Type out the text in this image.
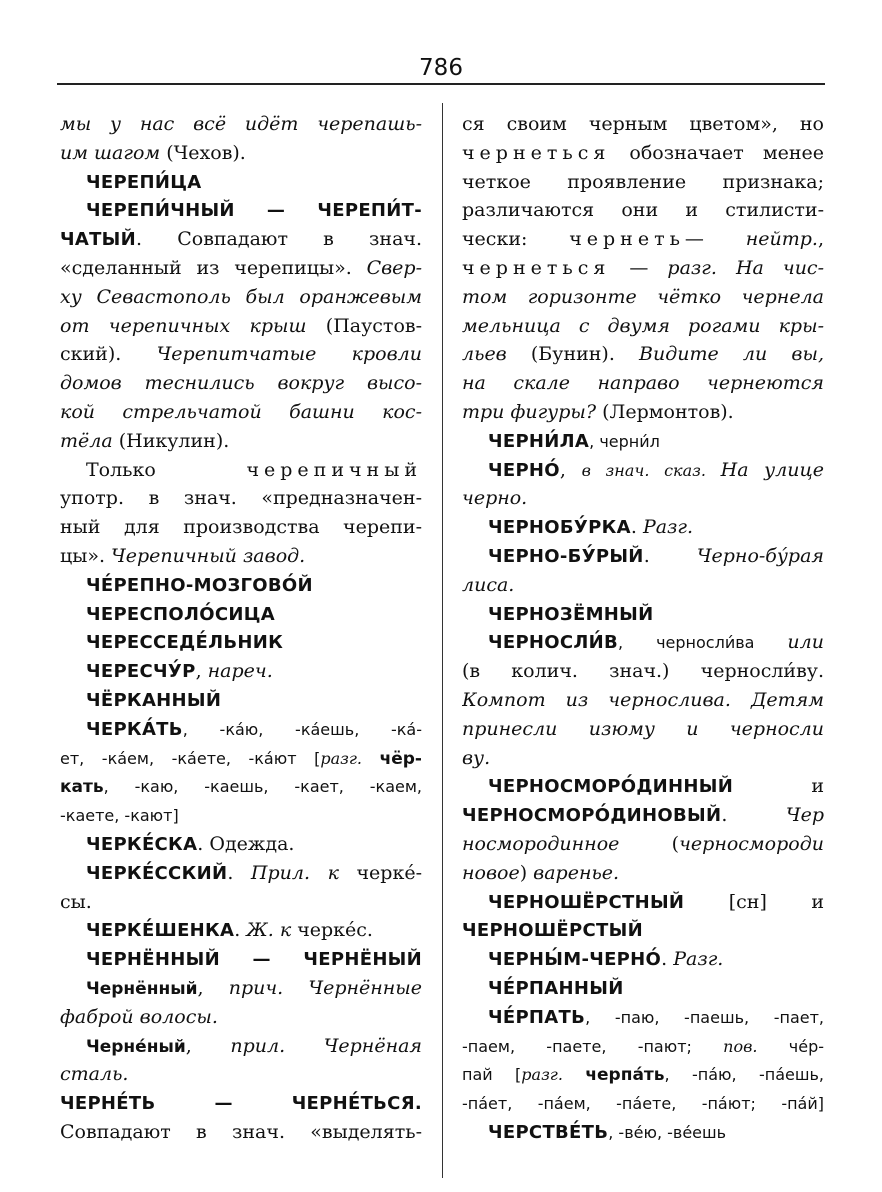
786
мы у нас всё идёт черепашь-
им шагом (Чехов).
ЧЕРЕПИ́ЦА
ЧЕРЕПИ́ЧНЫЙ — ЧЕРЕПИ́Т-
ЧАТЫЙ. Совпадают в знач.
«сделанный из черепицы». Свер-
ху Севастополь был оранжевым
от черепичных крыш (Паустов-
ский). Черепитчатые кровли
домов теснились вокруг высо-
кой стрельчатой башни кос-
тёла (Никулин).
Только черепичный
употр. в знач. «предназначен-
ный для производства черепи-
цы». Черепичный завод.
ЧЕ́РЕПНО-МОЗГОВО́Й
ЧЕРЕСПОЛО́СИЦА
ЧЕРЕССЕДЕ́ЛЬНИК
ЧЕРЕСЧУ́Р, нареч.
ЧЁРКАННЫЙ
ЧЕРКА́ТЬ, -ка́ю, -ка́ешь, -ка́-
ет, -ка́ем, -ка́ете, -ка́ют [разг. чёр-
кать, -каю, -каешь, -кает, -каем,
-каете, -кают]
ЧЕРКЕ́СКА. Одежда.
ЧЕРКЕ́ССКИЙ. Прил. к черке́-
сы.
ЧЕРКЕ́ШЕНКА. Ж. к черке́с.
ЧЕРНЁННЫЙ — ЧЕРНЁНЫЙ
Чернённый, прич. Чернённые
фаброй волосы.
Черне́ный, прил. Чернёная
сталь.
ЧЕРНЕ́ТЬ — ЧЕРНЕ́ТЬСЯ.
Совпадают в знач. «выделять-
ся своим черным цветом», но
чернеться обозначает менее
четкое проявление признака;
различаются они и стилисти-
чески: чернеть— нейтр.,
чернеться — разг. На чис-
том горизонте чётко чернела
мельница с двумя рогами кры-
льев (Бунин). Видите ли вы,
на скале направо чернеются
три фигуры? (Лермонтов).
ЧЕРНИ́ЛА, черни́л
ЧЕРНО́, в знач. сказ. На улице
черно.
ЧЕРНОБУ́РКА. Разг.
ЧЕРНО-БУ́РЫЙ. Черно-бу́рая
лиса.
ЧЕРНОЗЁМНЫЙ
ЧЕРНОСЛИ́В, черносли́ва или
(в колич. знач.) черносли́ву.
Компот из чернослива. Детям
принесли изюму и черносли
ву.
ЧЕРНОСМОРО́ДИННЫЙ и
ЧЕРНОСМОРО́ДИНОВЫЙ. Чер
носмородинное (черносмороди
новое) варенье.
ЧЕРНОШЁРСТНЫЙ [сн] и
ЧЕРНОШЁРСТЫЙ
ЧЕРНЫ́М-ЧЕРНО́. Разг.
ЧЕ́РПАННЫЙ
ЧЕ́РПАТЬ, -паю, -паешь, -пает,
-паем, -паете, -пают; пов. че́р-
пай [разг. черпа́ть, -па́ю, -па́ешь,
-па́ет, -па́ем, -па́ете, -па́ют; -па́й]
ЧЕРСТВЕ́ТЬ, -ве́ю, -ве́ешь
